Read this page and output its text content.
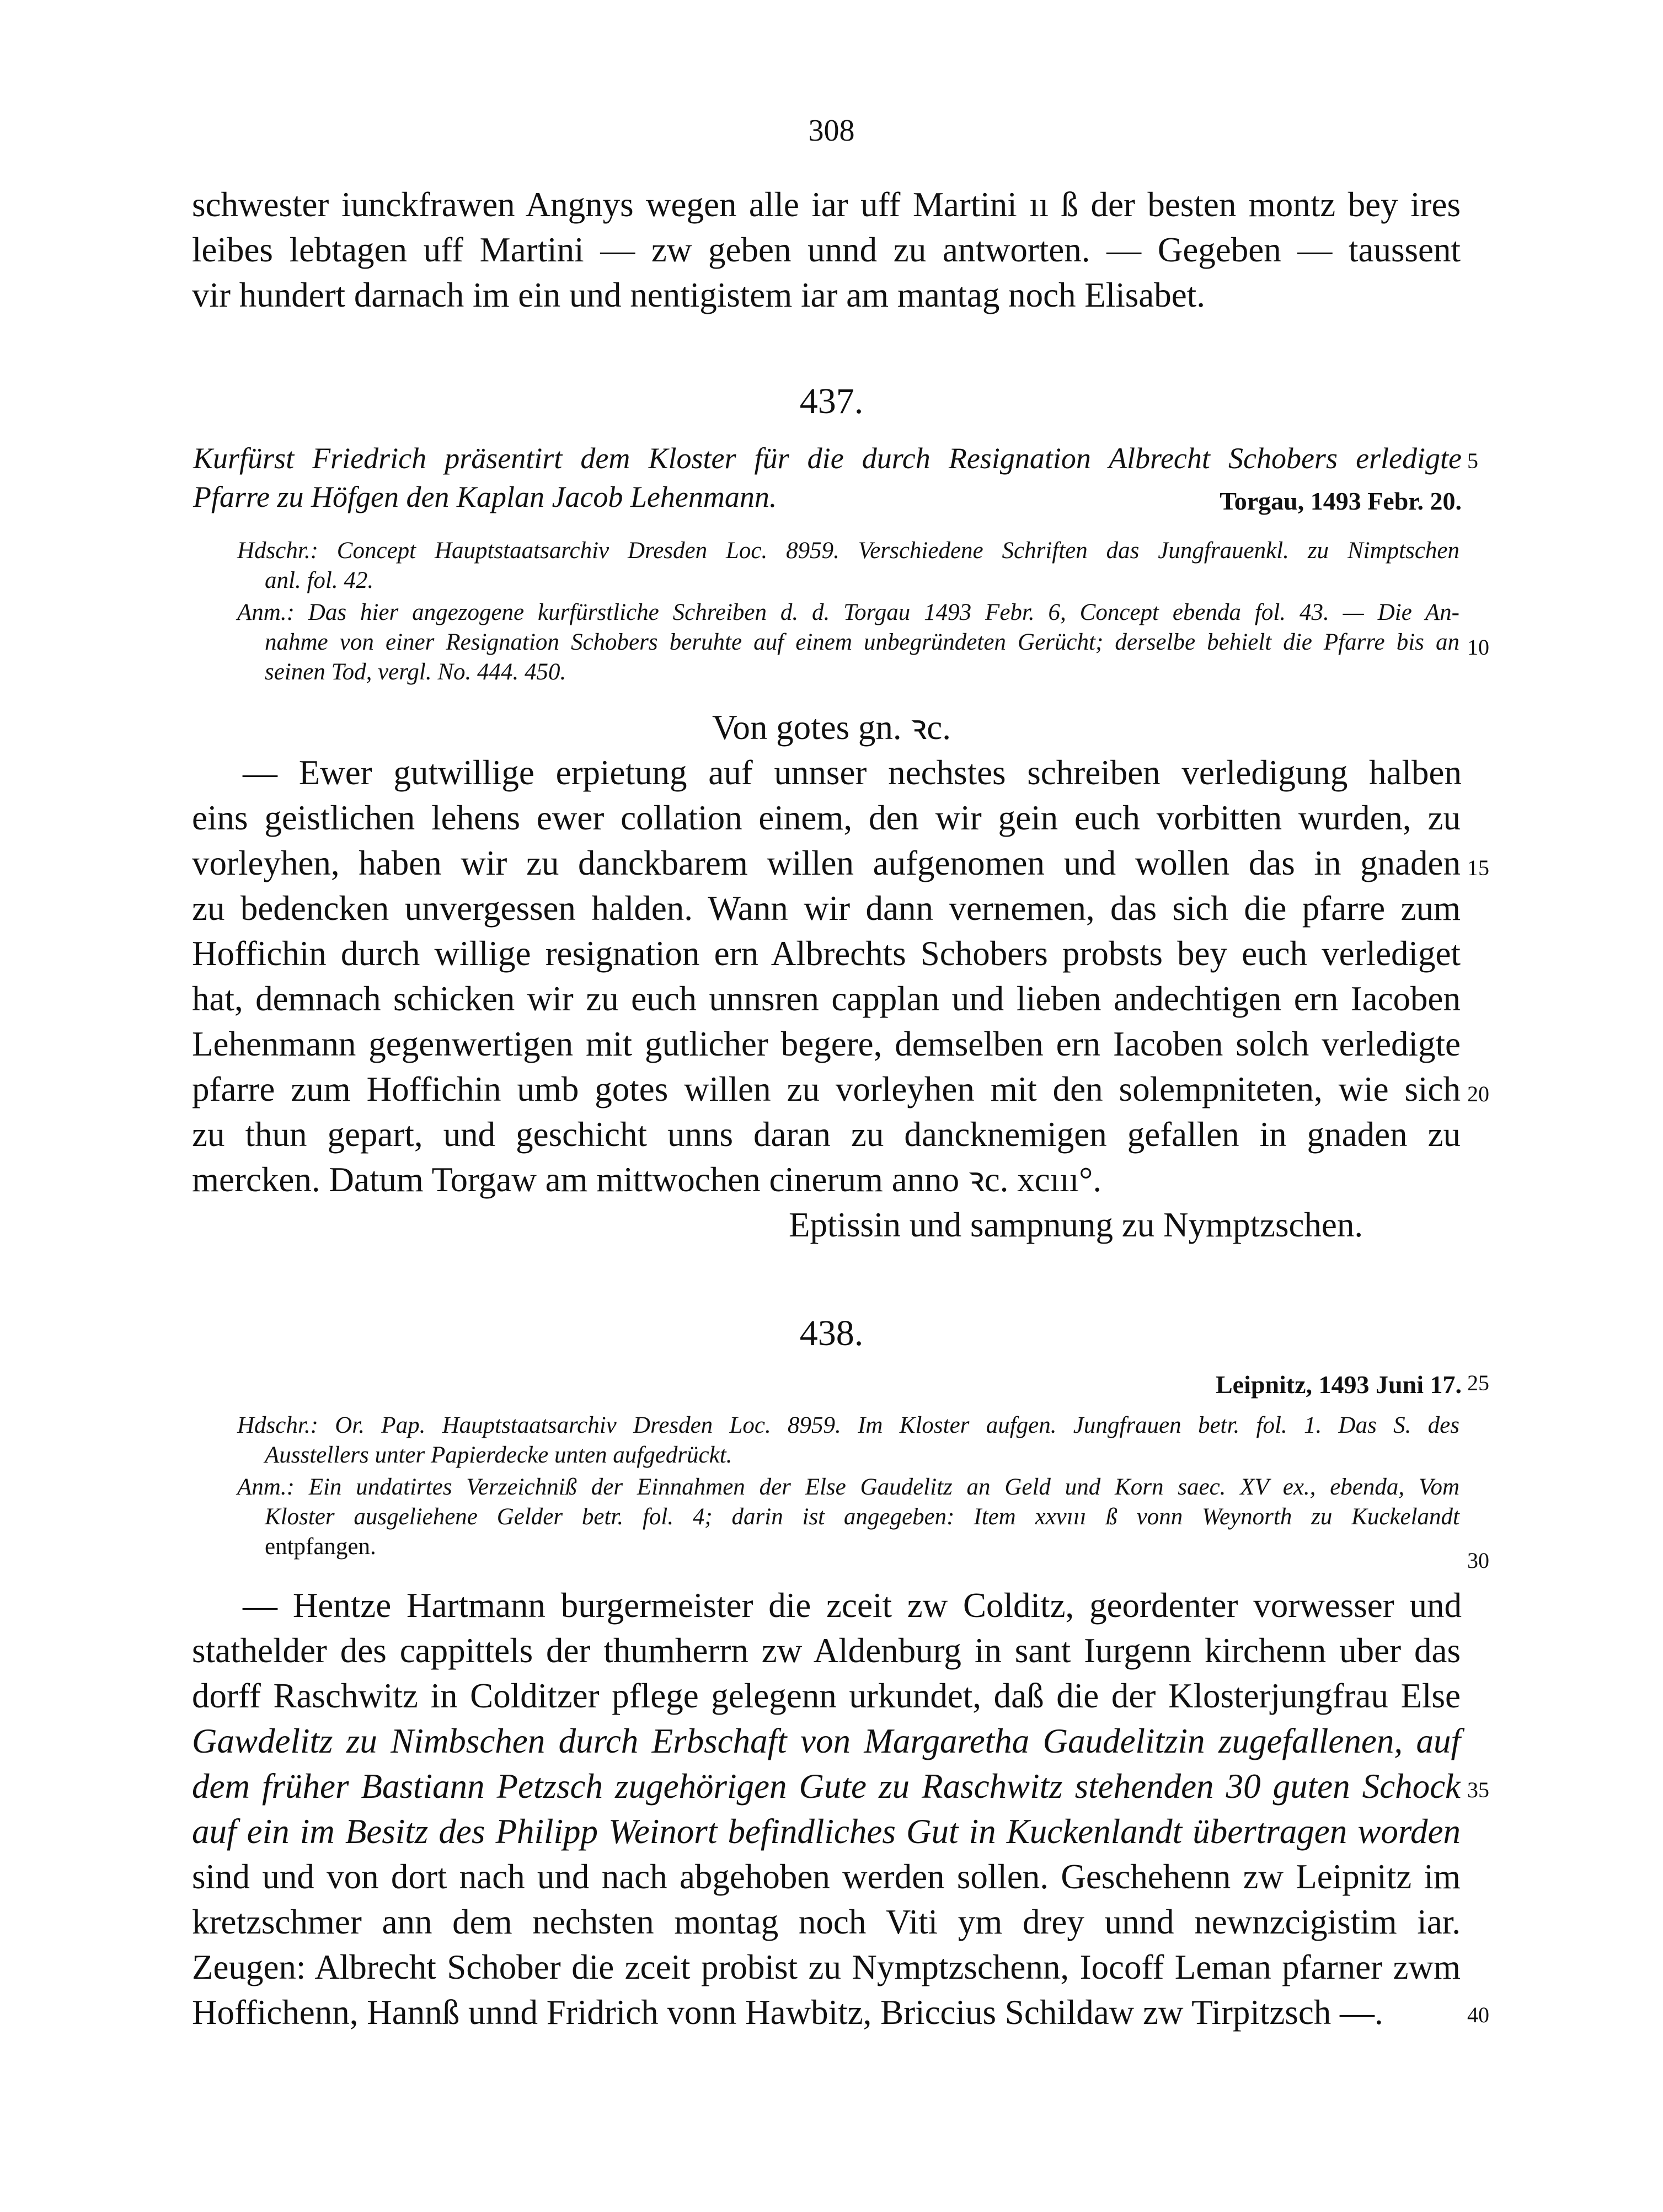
308
schwester iunckfrawen Angnys wegen alle iar uff Martini ıı ß der besten montz bey ires
leibes lebtagen uff Martini — zw geben unnd zu antworten. — Gegeben — taussent
vir hundert darnach im ein und nentigistem iar am mantag noch Elisabet.
437.
Kurfürst Friedrich präsentirt dem Kloster für die durch Resignation Albrecht Schobers erledigte 5
Pfarre zu Höfgen den Kaplan Jacob Lehenmann.	Torgau, 1493 Febr. 20.
Hdschr.: Concept Hauptstaatsarchiv Dresden Loc. 8959. Verschiedene Schriften das Jungfrauenkl. zu Nimptschen
anl. fol. 42.
Anm.: Das hier angezogene kurfürstliche Schreiben d. d. Torgau 1493 Febr. 6, Concept ebenda fol. 43. — Die An-
nahme von einer Resignation Schobers beruhte auf einem unbegründeten Gerücht; derselbe behielt die Pfarre bis an 10
seinen Tod, vergl. No. 444. 450.
Von gotes gn. ꝛc.
— Ewer gutwillige erpietung auf unnser nechstes schreiben verledigung halben
eins geistlichen lehens ewer collation einem, den wir gein euch vorbitten wurden, zu
vorleyhen, haben wir zu danckbarem willen aufgenomen und wollen das in gnaden 15
zu bedencken unvergessen halden. Wann wir dann vernemen, das sich die pfarre zum
Hoffichin durch willige resignation ern Albrechts Schobers probsts bey euch verlediget
hat, demnach schicken wir zu euch unnsren capplan und lieben andechtigen ern Iacoben
Lehenmann gegenwertigen mit gutlicher begere, demselben ern Iacoben solch verledigte
pfarre zum Hoffichin umb gotes willen zu vorleyhen mit den solempniteten, wie sich 20
zu thun gepart, und geschicht unns daran zu dancknemigen gefallen in gnaden zu
mercken. Datum Torgaw am mittwochen cinerum anno ꝛc. xcııı°.
Eptissin und sampnung zu Nymptzschen.
438.
Leipnitz, 1493 Juni 17. 25
Hdschr.: Or. Pap. Hauptstaatsarchiv Dresden Loc. 8959. Im Kloster aufgen. Jungfrauen betr. fol. 1. Das S. des
Ausstellers unter Papierdecke unten aufgedrückt.
Anm.: Ein undatirtes Verzeichniß der Einnahmen der Else Gaudelitz an Geld und Korn saec. XV ex., ebenda, Vom
Kloster ausgeliehene Gelder betr. fol. 4; darin ist angegeben: Item xxvııı ß vonn Weynorth zu Kuckelandt
entpfangen.
30
— Hentze Hartmann burgermeister die zceit zw Colditz, geordenter vorwesser und
stathelder des cappittels der thumherrn zw Aldenburg in sant Iurgenn kirchenn uber das
dorff Raschwitz in Colditzer pflege gelegenn urkundet, daß die der Klosterjungfrau Else
Gawdelitz zu Nimbschen durch Erbschaft von Margaretha Gaudelitzin zugefallenen, auf
dem früher Bastiann Petzsch zugehörigen Gute zu Raschwitz stehenden 30 guten Schock 35
auf ein im Besitz des Philipp Weinort befindliches Gut in Kuckenlandt übertragen worden
sind und von dort nach und nach abgehoben werden sollen. Geschehenn zw Leipnitz im
kretzschmer ann dem nechsten montag noch Viti ym drey unnd newnzcigistim iar.
Zeugen: Albrecht Schober die zceit probist zu Nymptzschenn, Iocoff Leman pfarner zwm
Hoffichenn, Hannß unnd Fridrich vonn Hawbitz, Briccius Schildaw zw Tirpitzsch —.	40
